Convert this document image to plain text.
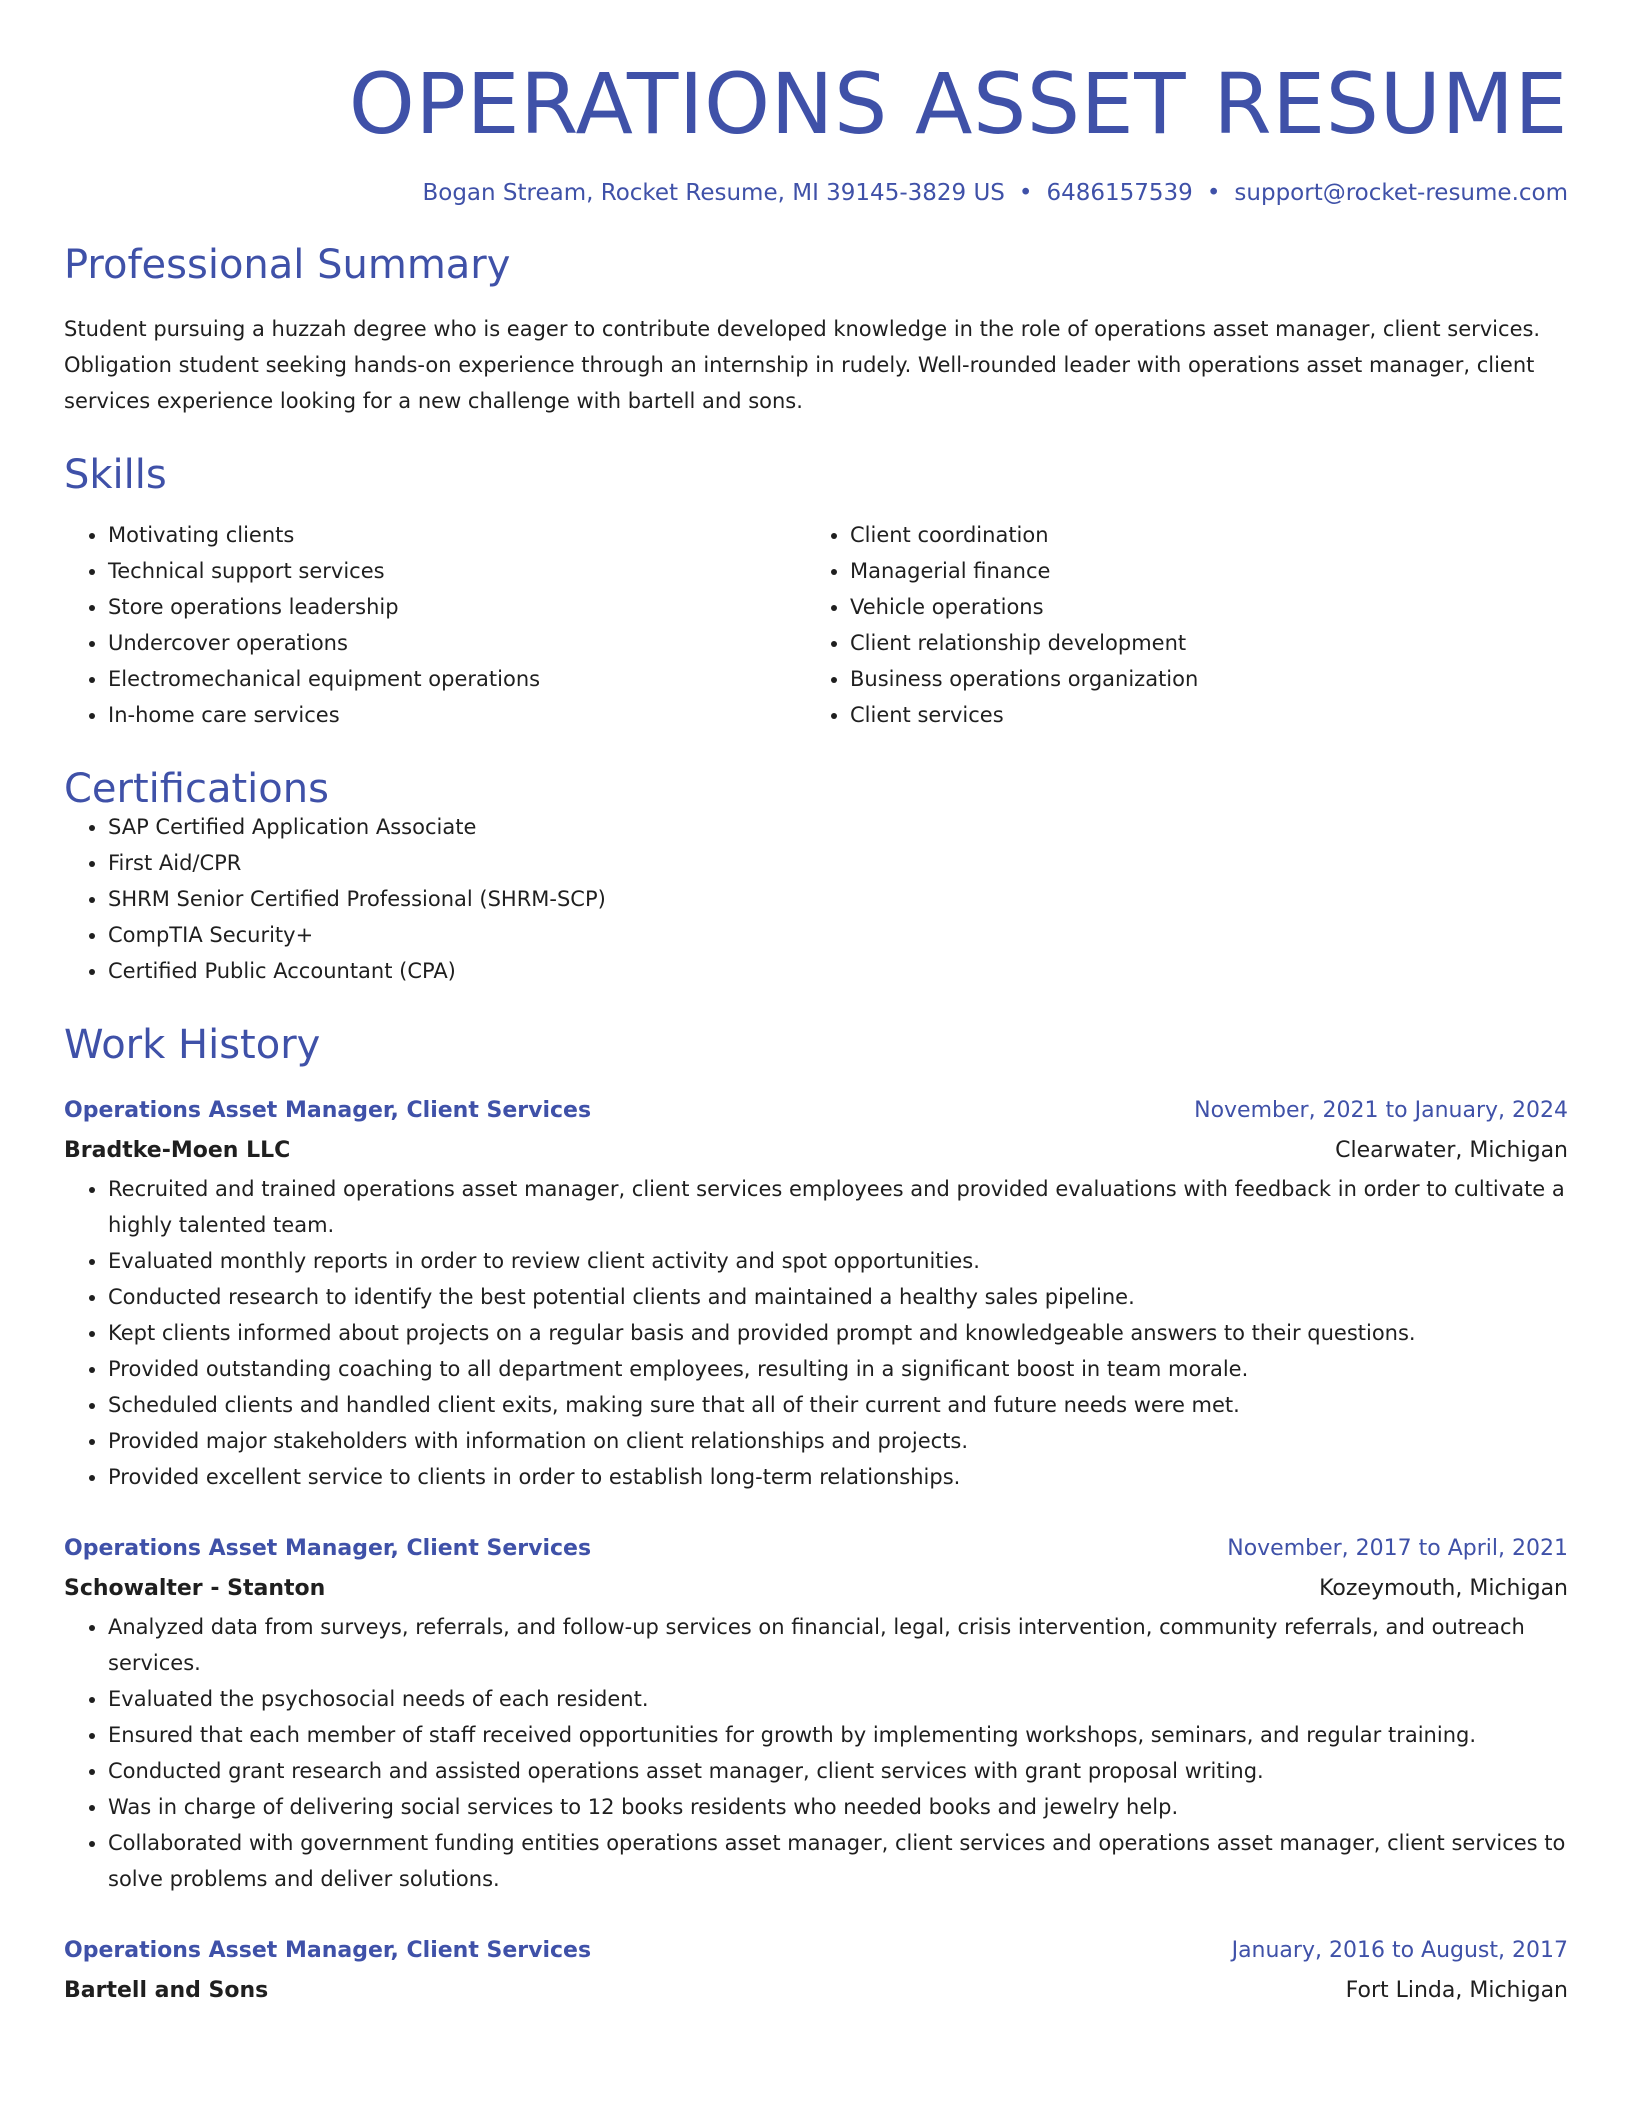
OPERATIONS ASSET RESUME
Bogan Stream, Rocket Resume, MI 39145-3829 US • 6486157539 • support@rocket-resume.com
Professional Summary
Student pursuing a huzzah degree who is eager to contribute developed knowledge in the role of operations asset manager, client services. Obligation student seeking hands-on experience through an internship in rudely. Well-rounded leader with operations asset manager, client services experience looking for a new challenge with bartell and sons.
Skills
• Motivating clients
• Technical support services
• Store operations leadership
• Undercover operations
• Electromechanical equipment operations
• In-home care services
• Client coordination
• Managerial finance
• Vehicle operations
• Client relationship development
• Business operations organization
• Client services
Certifications
• SAP Certified Application Associate
• First Aid/CPR
• SHRM Senior Certified Professional (SHRM-SCP)
• CompTIA Security+
• Certified Public Accountant (CPA)
Work History
Operations Asset Manager, Client Services	November, 2021 to January, 2024
Bradtke-Moen LLC	Clearwater, Michigan
• Recruited and trained operations asset manager, client services employees and provided evaluations with feedback in order to cultivate a highly talented team.
• Evaluated monthly reports in order to review client activity and spot opportunities.
• Conducted research to identify the best potential clients and maintained a healthy sales pipeline.
• Kept clients informed about projects on a regular basis and provided prompt and knowledgeable answers to their questions.
• Provided outstanding coaching to all department employees, resulting in a significant boost in team morale.
• Scheduled clients and handled client exits, making sure that all of their current and future needs were met.
• Provided major stakeholders with information on client relationships and projects.
• Provided excellent service to clients in order to establish long-term relationships.
Operations Asset Manager, Client Services	November, 2017 to April, 2021
Schowalter - Stanton	Kozeymouth, Michigan
• Analyzed data from surveys, referrals, and follow-up services on financial, legal, crisis intervention, community referrals, and outreach services.
• Evaluated the psychosocial needs of each resident.
• Ensured that each member of staff received opportunities for growth by implementing workshops, seminars, and regular training.
• Conducted grant research and assisted operations asset manager, client services with grant proposal writing.
• Was in charge of delivering social services to 12 books residents who needed books and jewelry help.
• Collaborated with government funding entities operations asset manager, client services and operations asset manager, client services to solve problems and deliver solutions.
Operations Asset Manager, Client Services	January, 2016 to August, 2017
Bartell and Sons	Fort Linda, Michigan
